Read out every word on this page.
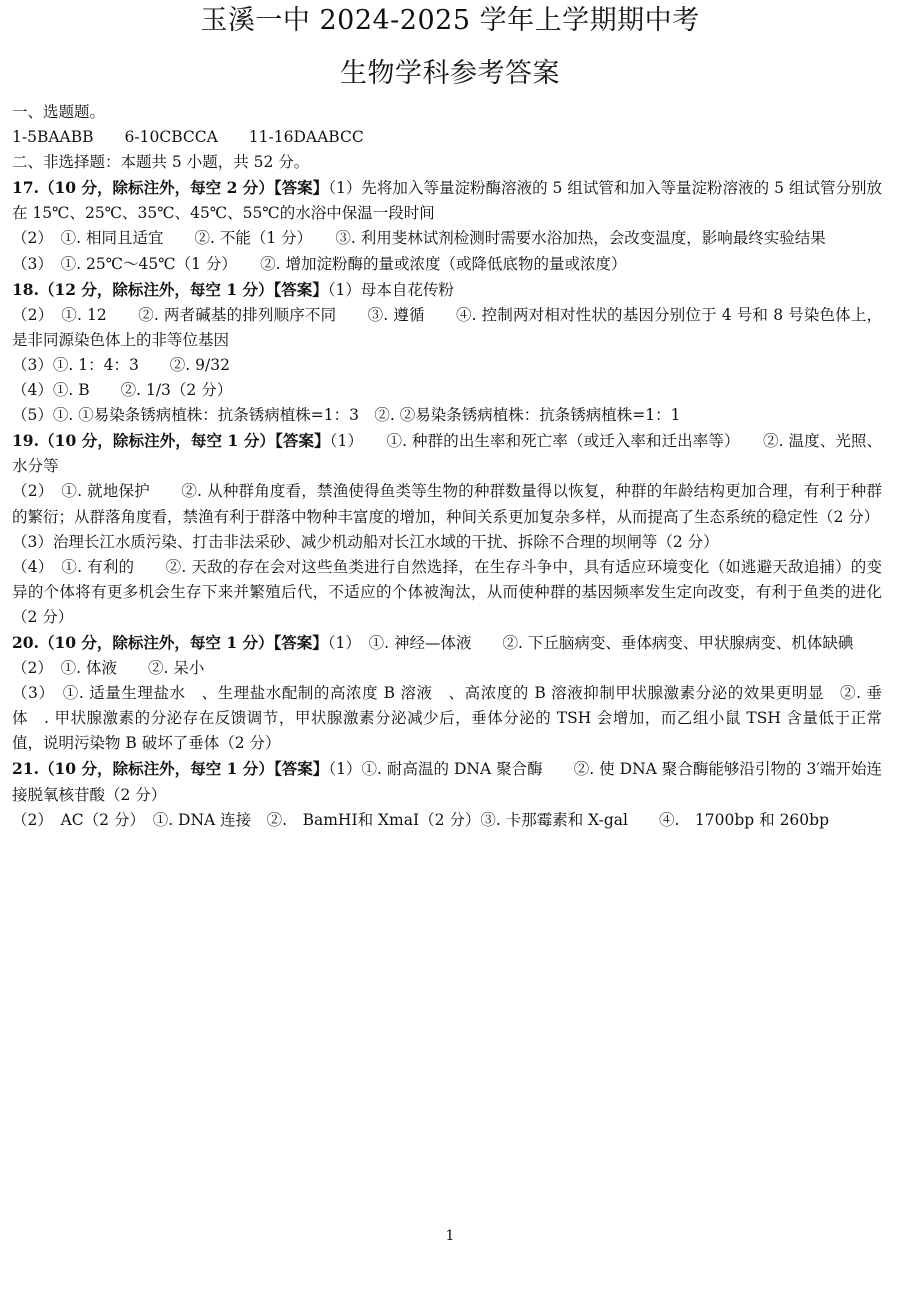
玉溪一中 2024-2025 学年上学期期中考
生物学科参考答案

一、选题题。

1-5BAABB　　6-10CBCCA　　11-16DAABCC

二、非选择题：本题共 5 小题，共 52 分。

17.（10 分，除标注外，每空 2 分）【答案】（1）先将加入等量淀粉酶溶液的 5 组试管和加入等量淀粉溶液的 5 组试管分别放在 15℃、25℃、35℃、45℃、55℃的水浴中保温一段时间

（2）　①. 相同且适宜　　②. 不能（1 分）　　③. 利用斐林试剂检测时需要水浴加热，会改变温度，影响最终实验结果

（3）　①. 25℃～45℃（1 分）　　②. 增加淀粉酶的量或浓度（或降低底物的量或浓度）

18.（12 分，除标注外，每空 1 分）【答案】（1）母本自花传粉

（2）　①. 12　　②. 两者碱基的排列顺序不同　　③. 遵循　　④. 控制两对相对性状的基因分别位于 4 号和 8 号染色体上，是非同源染色体上的非等位基因

（3）①. 1：4：3　　②. 9/32

（4）①. B　　②. 1/3（2 分）

（5）①. ①易染条锈病植株：抗条锈病植株=1：3　②. ②易染条锈病植株：抗条锈病植株=1：1

19.（10 分，除标注外，每空 1 分）【答案】（1）　　①. 种群的出生率和死亡率（或迁入率和迁出率等）　　②. 温度、光照、水分等

（2）　①. 就地保护　　②. 从种群角度看，禁渔使得鱼类等生物的种群数量得以恢复，种群的年龄结构更加合理，有利于种群的繁衍；从群落角度看，禁渔有利于群落中物种丰富度的增加，种间关系更加复杂多样，从而提高了生态系统的稳定性（2 分）

（3）治理长江水质污染、打击非法采砂、减少机动船对长江水域的干扰、拆除不合理的坝闸等（2 分）

（4）　①. 有利的　　②. 天敌的存在会对这些鱼类进行自然选择，在生存斗争中，具有适应环境变化（如逃避天敌追捕）的变异的个体将有更多机会生存下来并繁殖后代，不适应的个体被淘汰，从而使种群的基因频率发生定向改变，有利于鱼类的进化（2 分）

20.（10 分，除标注外，每空 1 分）【答案】（1）　①. 神经—体液　　②. 下丘脑病变、垂体病变、甲状腺病变、机体缺碘

（2）　①. 体液　　②. 呆小

（3）　①. 适量生理盐水　、生理盐水配制的高浓度 B 溶液　、高浓度的 B 溶液抑制甲状腺激素分泌的效果更明显　②. 垂体　. 甲状腺激素的分泌存在反馈调节，甲状腺激素分泌减少后，垂体分泌的 TSH 会增加，而乙组小鼠 TSH 含量低于正常值，说明污染物 B 破坏了垂体（2 分）

21.（10 分，除标注外，每空 1 分）【答案】（1）①. 耐高温的 DNA 聚合酶　　②. 使 DNA 聚合酶能够沿引物的 3′端开始连接脱氧核苷酸（2 分）

（2）　AC（2 分）　①. DNA 连接　②.　BamHⅠ和 XmaⅠ（2 分）③. 卡那霉素和 X-gal　　④.　1700bp 和 260bp

1
